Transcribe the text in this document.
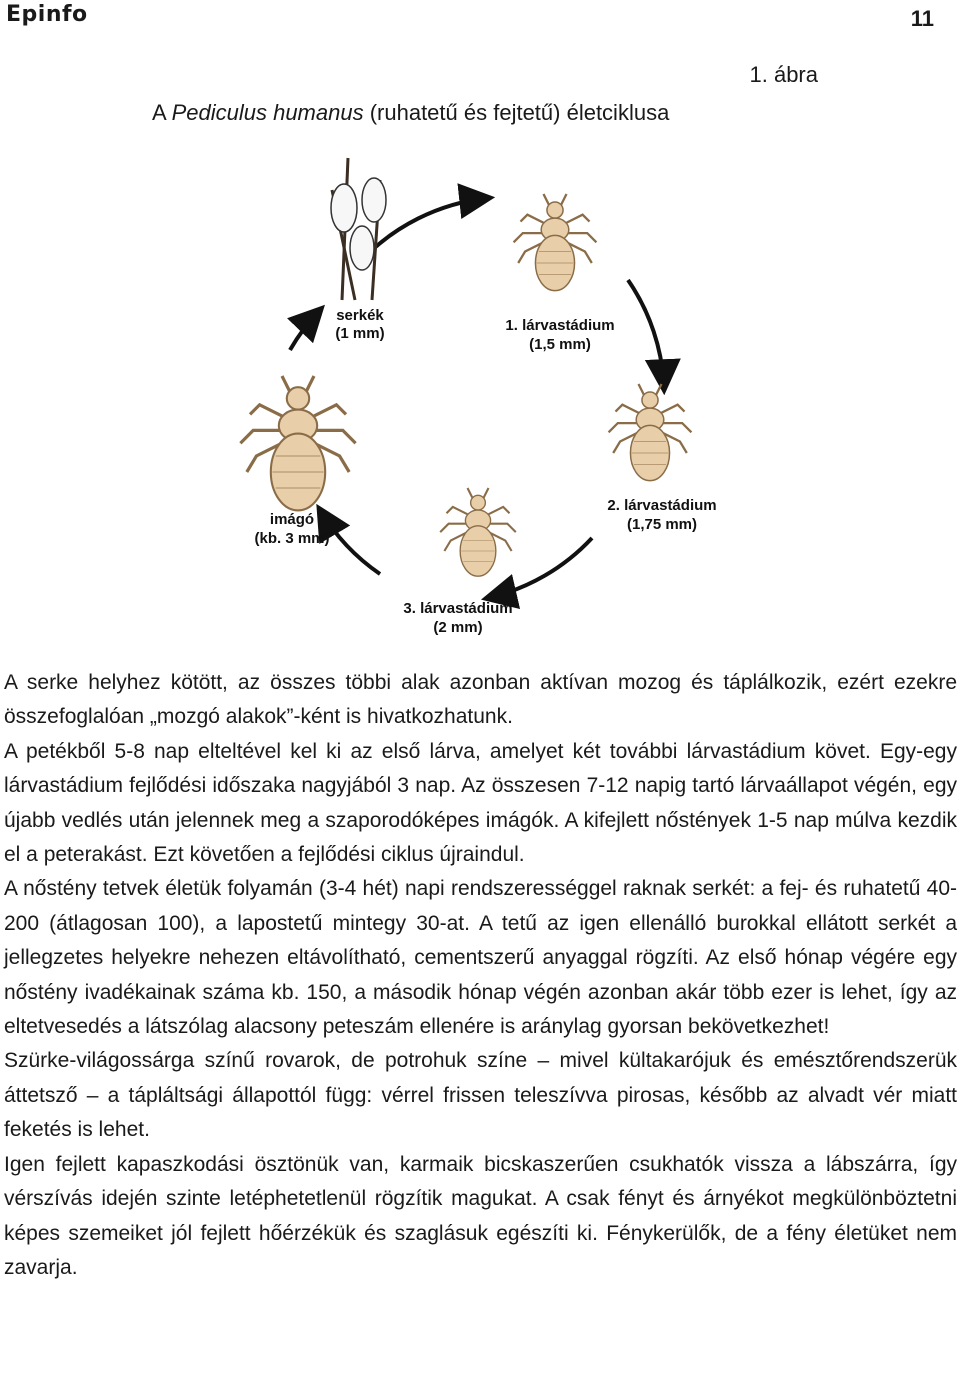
Epinfo	11
1. ábra
A Pediculus humanus (ruhatetű és fejtetű) életciklusa
serkék
(1 mm)	1. lárvastádium
(1,5 mm)
2. lárvastádium
(1,75 mm)
3. lárvastádium
(2 mm)
imágó
(kb. 3 mm)

A serke helyhez kötött, az összes többi alak azonban aktívan mozog és táplálkozik, ezért ezekre összefoglalóan „mozgó alakok”-ként is hivatkozhatunk.

A petékből 5-8 nap elteltével kel ki az első lárva, amelyet két további lárvastádium követ. Egy-egy lárvastádium fejlődési időszaka nagyjából 3 nap. Az összesen 7-12 napig tartó lárvaállapot végén, egy újabb vedlés után jelennek meg a szaporodóképes imágók. A kifejlett nőstények 1-5 nap múlva kezdik el a peterakást. Ezt követően a fejlődési ciklus újraindul.

A nőstény tetvek életük folyamán (3-4 hét) napi rendszerességgel raknak serkét: a fej- és ruhatetű 40-200 (átlagosan 100), a lapostetű mintegy 30-at. A tetű az igen ellenálló burokkal ellátott serkét a jellegzetes helyekre nehezen eltávolítható, cementszerű anyaggal rögzíti. Az első hónap végére egy nőstény ivadékainak száma kb. 150, a második hónap végén azonban akár több ezer is lehet, így az eltetvesedés a látszólag alacsony peteszám ellenére is aránylag gyorsan bekövetkezhet!

Szürke-világossárga színű rovarok, de potrohuk színe – mivel kültakarójuk és emésztőrendszerük áttetsző – a tápláltsági állapottól függ: vérrel frissen teleszívva pirosas, később az alvadt vér miatt feketés is lehet.

Igen fejlett kapaszkodási ösztönük van, karmaik bicskaszerűen csukhatók vissza a lábszárra, így vérszívás idején szinte letéphetetlenül rögzítik magukat. A csak fényt és árnyékot megkülönböztetni képes szemeiket jól fejlett hőérzékük és szaglásuk egészíti ki. Fénykerülők, de a fény életüket nem zavarja.
